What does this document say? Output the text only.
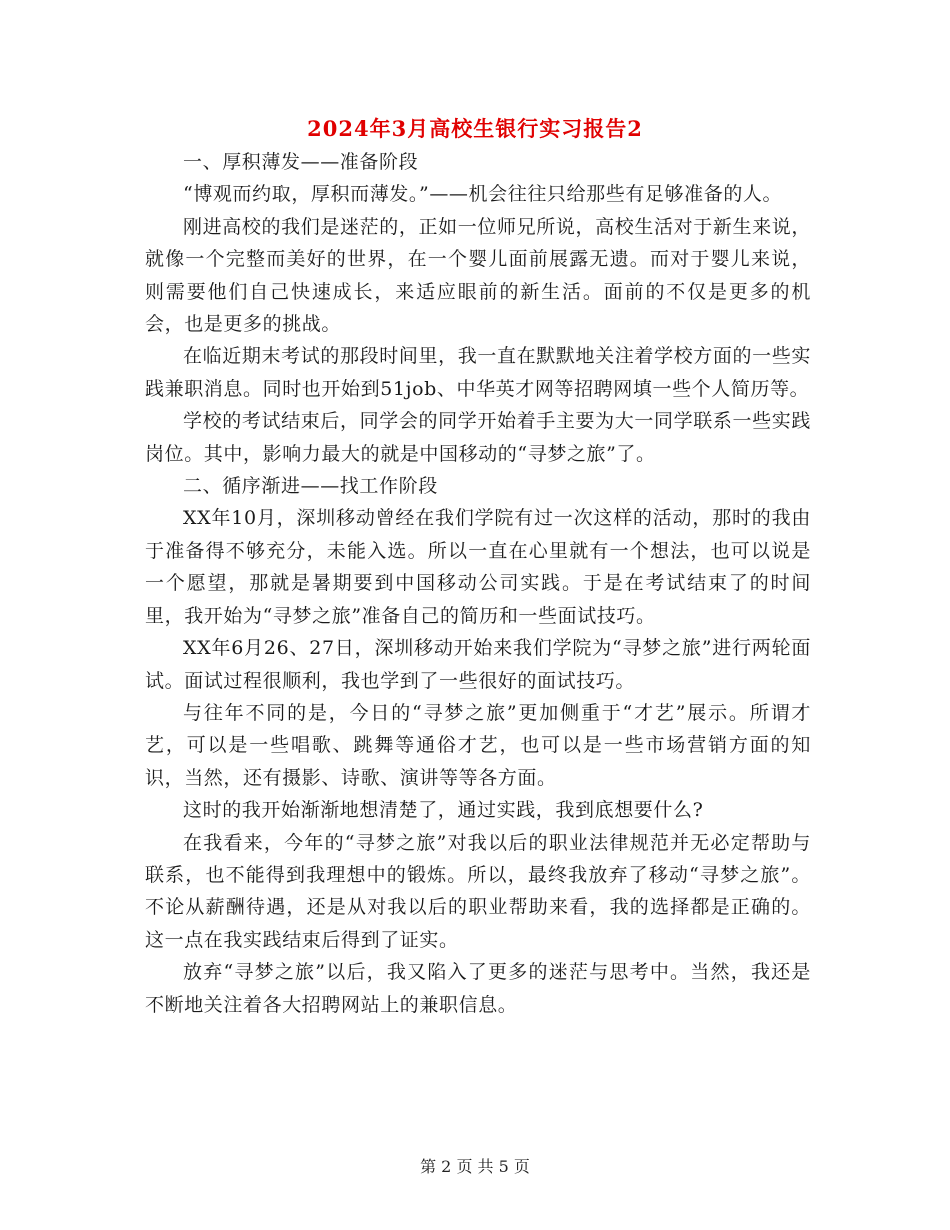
2024年3月高校生银行实习报告2

一、厚积薄发——准备阶段

“博观而约取，厚积而薄发。”——机会往往只给那些有足够准备的人。

刚进高校的我们是迷茫的，正如一位师兄所说，高校生活对于新生来说，就像一个完整而美好的世界，在一个婴儿面前展露无遗。而对于婴儿来说，则需要他们自己快速成长，来适应眼前的新生活。面前的不仅是更多的机会，也是更多的挑战。

在临近期末考试的那段时间里，我一直在默默地关注着学校方面的一些实践兼职消息。同时也开始到51job、中华英才网等招聘网填一些个人简历等。

学校的考试结束后，同学会的同学开始着手主要为大一同学联系一些实践岗位。其中，影响力最大的就是中国移动的“寻梦之旅”了。

二、循序渐进——找工作阶段

XX年10月，深圳移动曾经在我们学院有过一次这样的活动，那时的我由于准备得不够充分，未能入选。所以一直在心里就有一个想法，也可以说是一个愿望，那就是暑期要到中国移动公司实践。于是在考试结束了的时间里，我开始为“寻梦之旅”准备自己的简历和一些面试技巧。

XX年6月26、27日，深圳移动开始来我们学院为“寻梦之旅”进行两轮面试。面试过程很顺利，我也学到了一些很好的面试技巧。

与往年不同的是，今日的“寻梦之旅”更加侧重于“才艺”展示。所谓才艺，可以是一些唱歌、跳舞等通俗才艺，也可以是一些市场营销方面的知识，当然，还有摄影、诗歌、演讲等等各方面。

这时的我开始渐渐地想清楚了，通过实践，我到底想要什么?

在我看来，今年的“寻梦之旅”对我以后的职业法律规范并无必定帮助与联系，也不能得到我理想中的锻炼。所以，最终我放弃了移动“寻梦之旅”。不论从薪酬待遇，还是从对我以后的职业帮助来看，我的选择都是正确的。这一点在我实践结束后得到了证实。

放弃“寻梦之旅”以后，我又陷入了更多的迷茫与思考中。当然，我还是不断地关注着各大招聘网站上的兼职信息。

第 2 页 共 5 页
